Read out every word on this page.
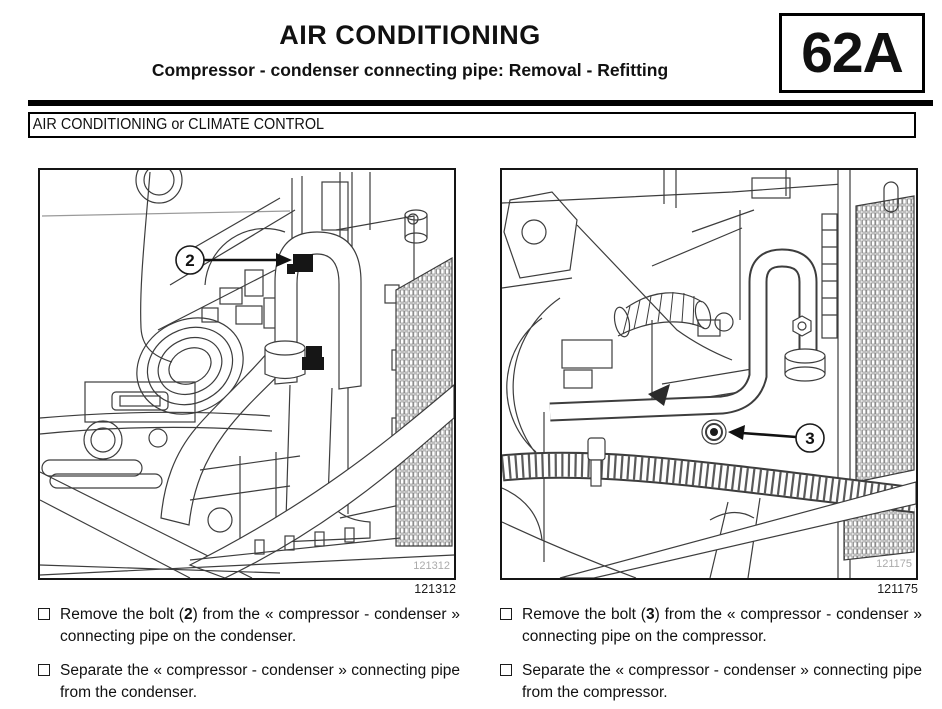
AIR CONDITIONING
Compressor - condenser connecting pipe: Removal - Refitting	62A
AIR CONDITIONING or CLIMATE CONTROL
2
121312
3
121175
121312	121175
Remove the bolt (2) from the « compressor - condenser » connecting pipe on the condenser.
Separate the « compressor - condenser » connecting pipe from the condenser.
Remove the bolt (3) from the « compressor - condenser » connecting pipe on the compressor.
Separate the « compressor - condenser » connecting pipe from the compressor.
